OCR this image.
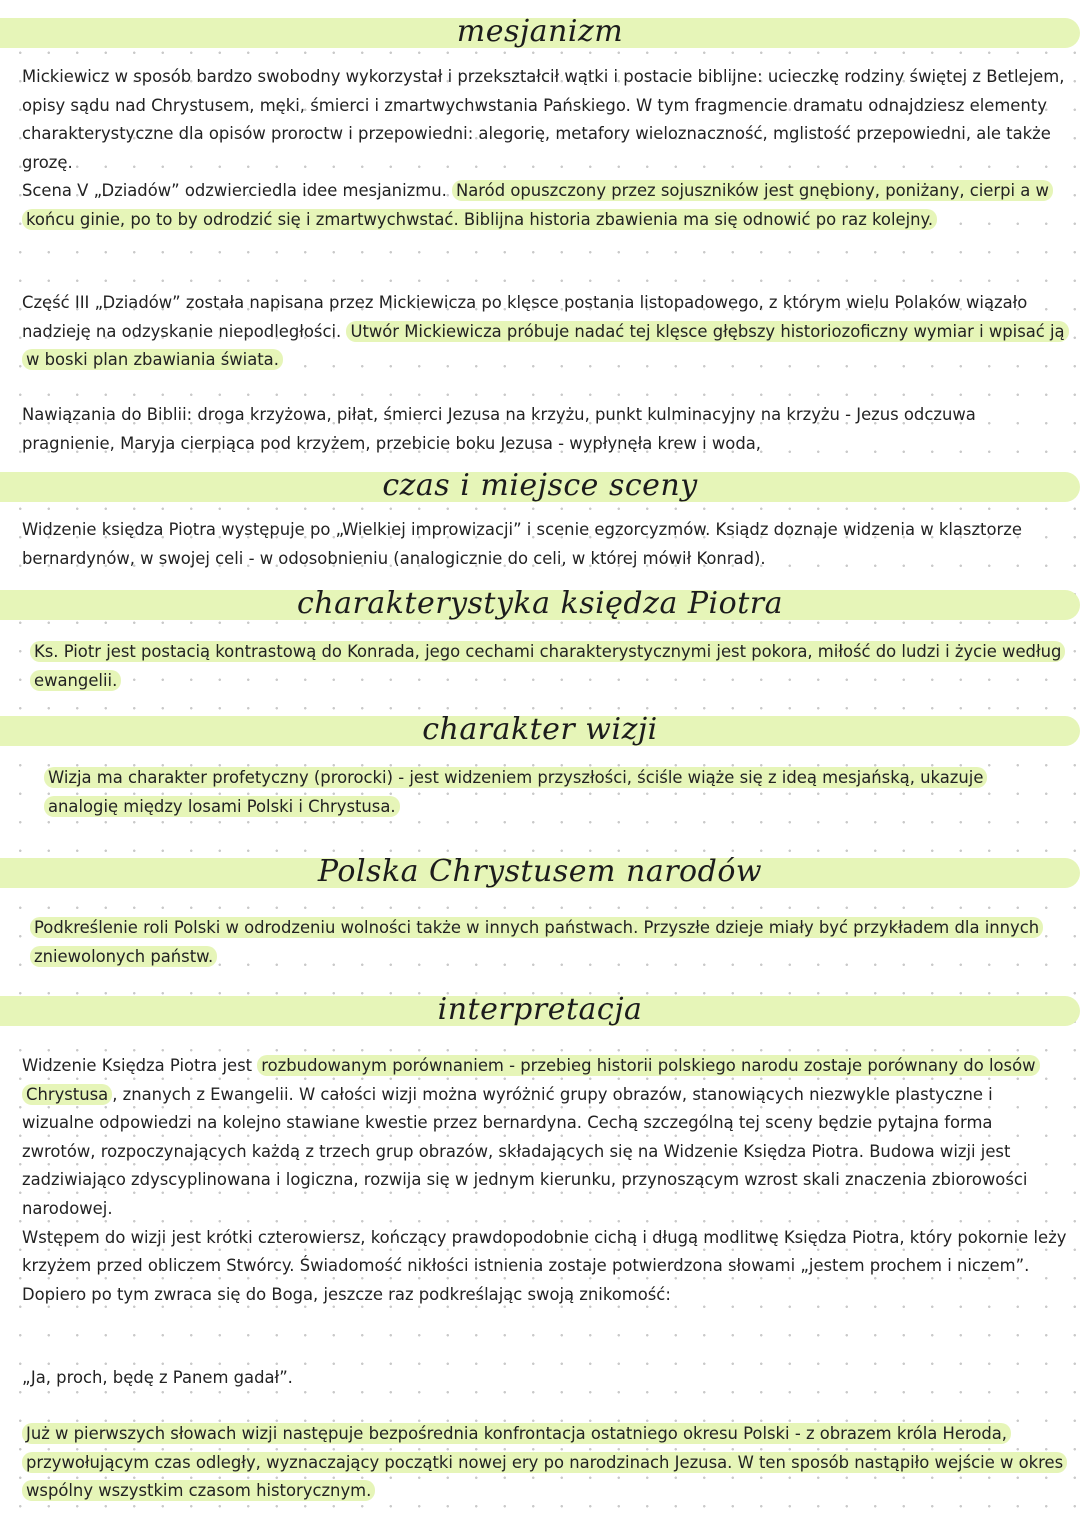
mesjanizm
Mickiewicz w sposób bardzo swobodny wykorzystał i przekształcił wątki i postacie biblijne: ucieczkę rodziny świętej z Betlejem, opisy sądu nad Chrystusem, męki, śmierci i zmartwychwstania Pańskiego. W tym fragmencie dramatu odnajdziesz elementy charakterystyczne dla opisów proroctw i przepowiedni: alegorię, metafory wieloznaczność, mglistość przepowiedni, ale także grozę.
Scena V „Dziadów” odzwierciedla idee mesjanizmu. Naród opuszczony przez sojuszników jest gnębiony, poniżany, cierpi a w końcu ginie, po to by odrodzić się i zmartwychwstać. Biblijna historia zbawienia ma się odnowić po raz kolejny.
Część III „Dziadów” została napisana przez Mickiewicza po klęsce postania listopadowego, z którym wielu Polaków wiązało nadzieję na odzyskanie niepodległości. Utwór Mickiewicza próbuje nadać tej klęsce głębszy historiozoficzny wymiar i wpisać ją w boski plan zbawiania świata.
Nawiązania do Biblii: droga krzyżowa, piłat, śmierci Jezusa na krzyżu, punkt kulminacyjny na krzyżu - Jezus odczuwa pragnienie, Maryja cierpiąca pod krzyżem, przebicie boku Jezusa - wypłynęła krew i woda,
czas i miejsce sceny
Widzenie księdza Piotra występuje po „Wielkiej improwizacji” i scenie egzorcyzmów. Ksiądz doznaje widzenia w klasztorze bernardynów, w swojej celi - w odosobnieniu (analogicznie do celi, w której mówił Konrad).
charakterystyka księdza Piotra
Ks. Piotr jest postacią kontrastową do Konrada, jego cechami charakterystycznymi jest pokora, miłość do ludzi i życie według ewangelii.
charakter wizji
Wizja ma charakter profetyczny (prorocki) - jest widzeniem przyszłości, ściśle wiąże się z ideą mesjańską, ukazuje analogię między losami Polski i Chrystusa.
Polska Chrystusem narodów
Podkreślenie roli Polski w odrodzeniu wolności także w innych państwach. Przyszłe dzieje miały być przykładem dla innych zniewolonych państw.
interpretacja
Widzenie Księdza Piotra jest rozbudowanym porównaniem - przebieg historii polskiego narodu zostaje porównany do losów Chrystusa , znanych z Ewangelii. W całości wizji można wyróżnić grupy obrazów, stanowiących niezwykle plastyczne i wizualne odpowiedzi na kolejno stawiane kwestie przez bernardyna. Cechą szczególną tej sceny będzie pytajna forma zwrotów, rozpoczynających każdą z trzech grup obrazów, składających się na Widzenie Księdza Piotra. Budowa wizji jest zadziwiająco zdyscyplinowana i logiczna, rozwija się w jednym kierunku, przynoszącym wzrost skali znaczenia zbiorowości narodowej.
Wstępem do wizji jest krótki czterowiersz, kończący prawdopodobnie cichą i długą modlitwę Księdza Piotra, który pokornie leży krzyżem przed obliczem Stwórcy. Świadomość nikłości istnienia zostaje potwierdzona słowami „jestem prochem i niczem”. Dopiero po tym zwraca się do Boga, jeszcze raz podkreślając swoją znikomość:
„Ja, proch, będę z Panem gadał”.
Już w pierwszych słowach wizji następuje bezpośrednia konfrontacja ostatniego okresu Polski - z obrazem króla Heroda, przywołującym czas odległy, wyznaczający początki nowej ery po narodzinach Jezusa. W ten sposób nastąpiło wejście w okres wspólny wszystkim czasom historycznym.
